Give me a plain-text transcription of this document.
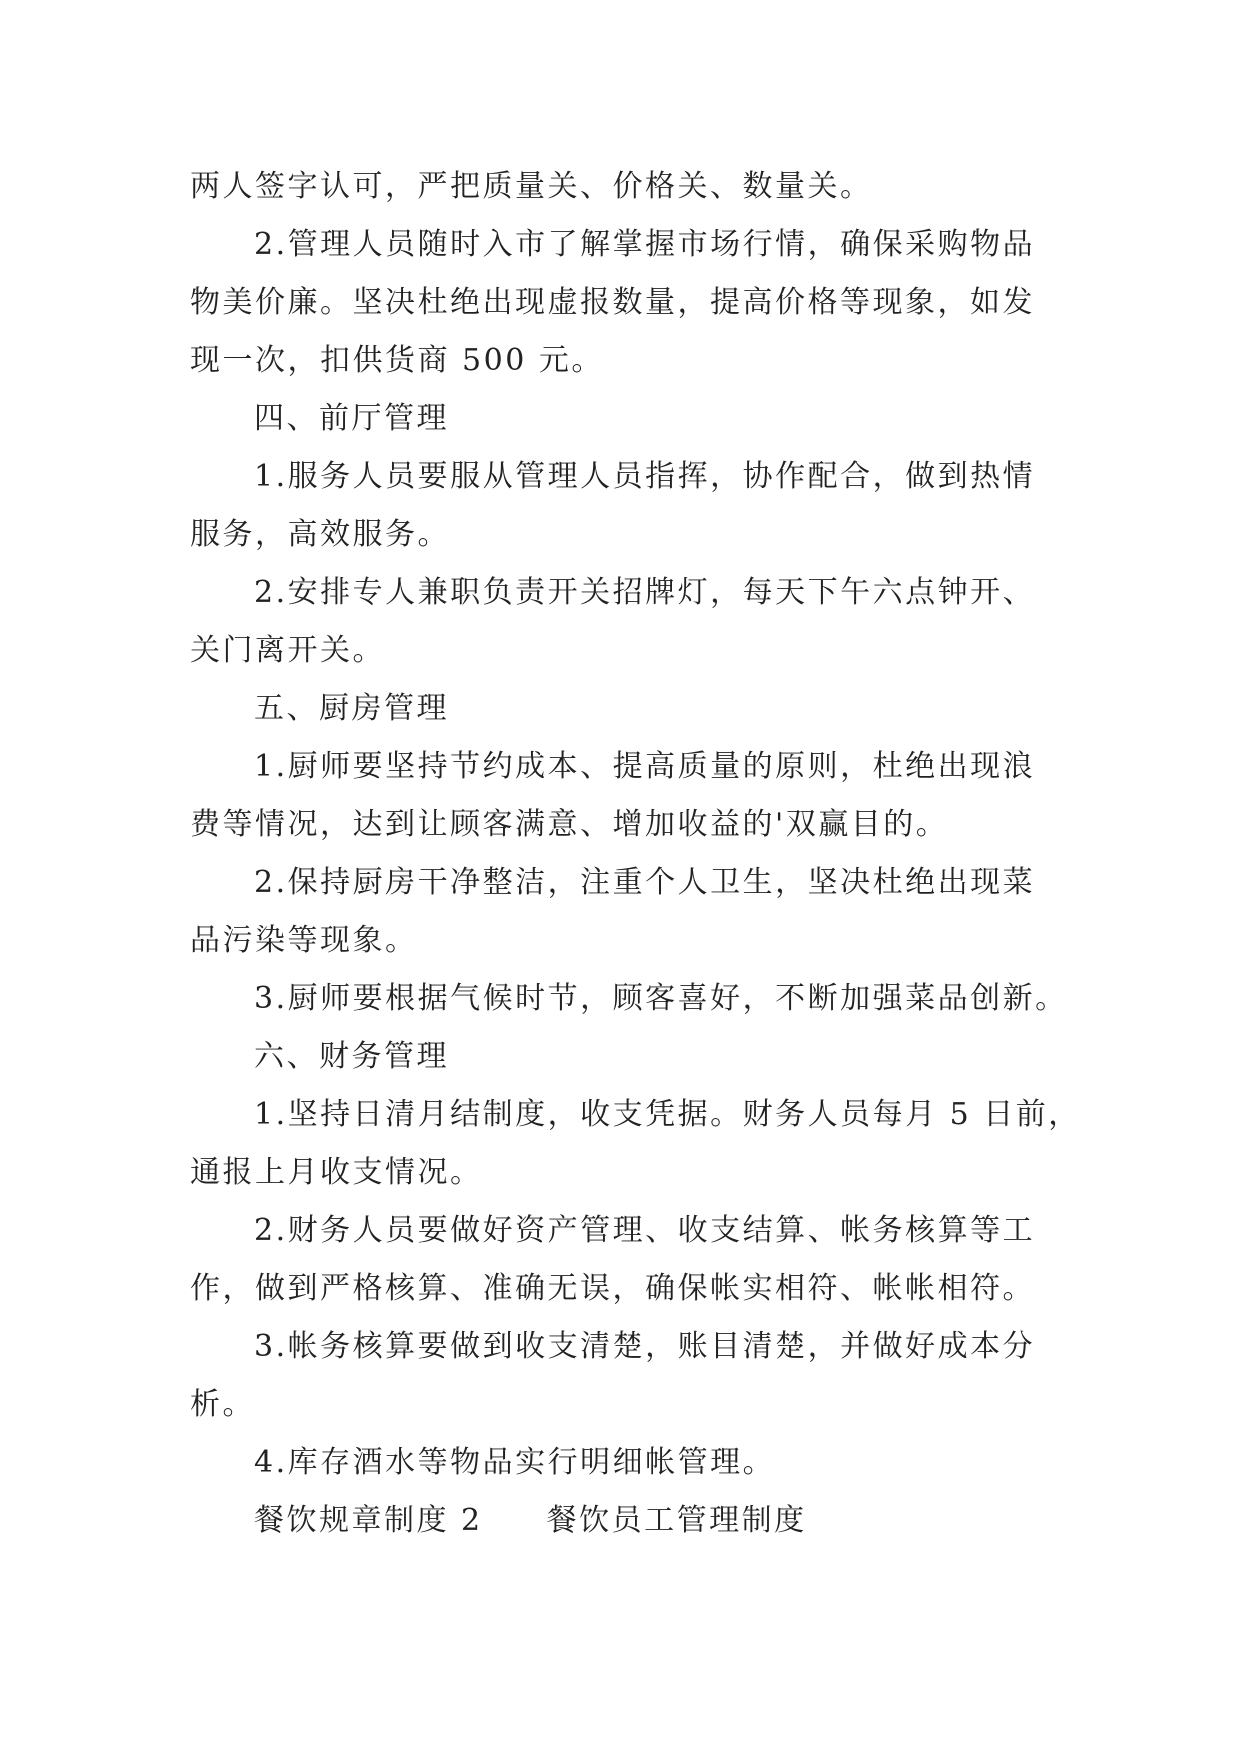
两人签字认可，严把质量关、价格关、数量关。
2.管理人员随时入市了解掌握市场行情，确保采购物品
物美价廉。坚决杜绝出现虚报数量，提高价格等现象，如发
现一次，扣供货商 500 元。
四、前厅管理
1.服务人员要服从管理人员指挥，协作配合，做到热情
服务，高效服务。
2.安排专人兼职负责开关招牌灯，每天下午六点钟开、
关门离开关。
五、厨房管理
1.厨师要坚持节约成本、提高质量的原则，杜绝出现浪
费等情况，达到让顾客满意、增加收益的'双赢目的。
2.保持厨房干净整洁，注重个人卫生，坚决杜绝出现菜
品污染等现象。
3.厨师要根据气候时节，顾客喜好，不断加强菜品创新。
六、财务管理
1.坚持日清月结制度，收支凭据。财务人员每月 5 日前，
通报上月收支情况。
2.财务人员要做好资产管理、收支结算、帐务核算等工
作，做到严格核算、准确无误，确保帐实相符、帐帐相符。
3.帐务核算要做到收支清楚，账目清楚，并做好成本分
析。
4.库存酒水等物品实行明细帐管理。
餐饮规章制度 2 餐饮员工管理制度
